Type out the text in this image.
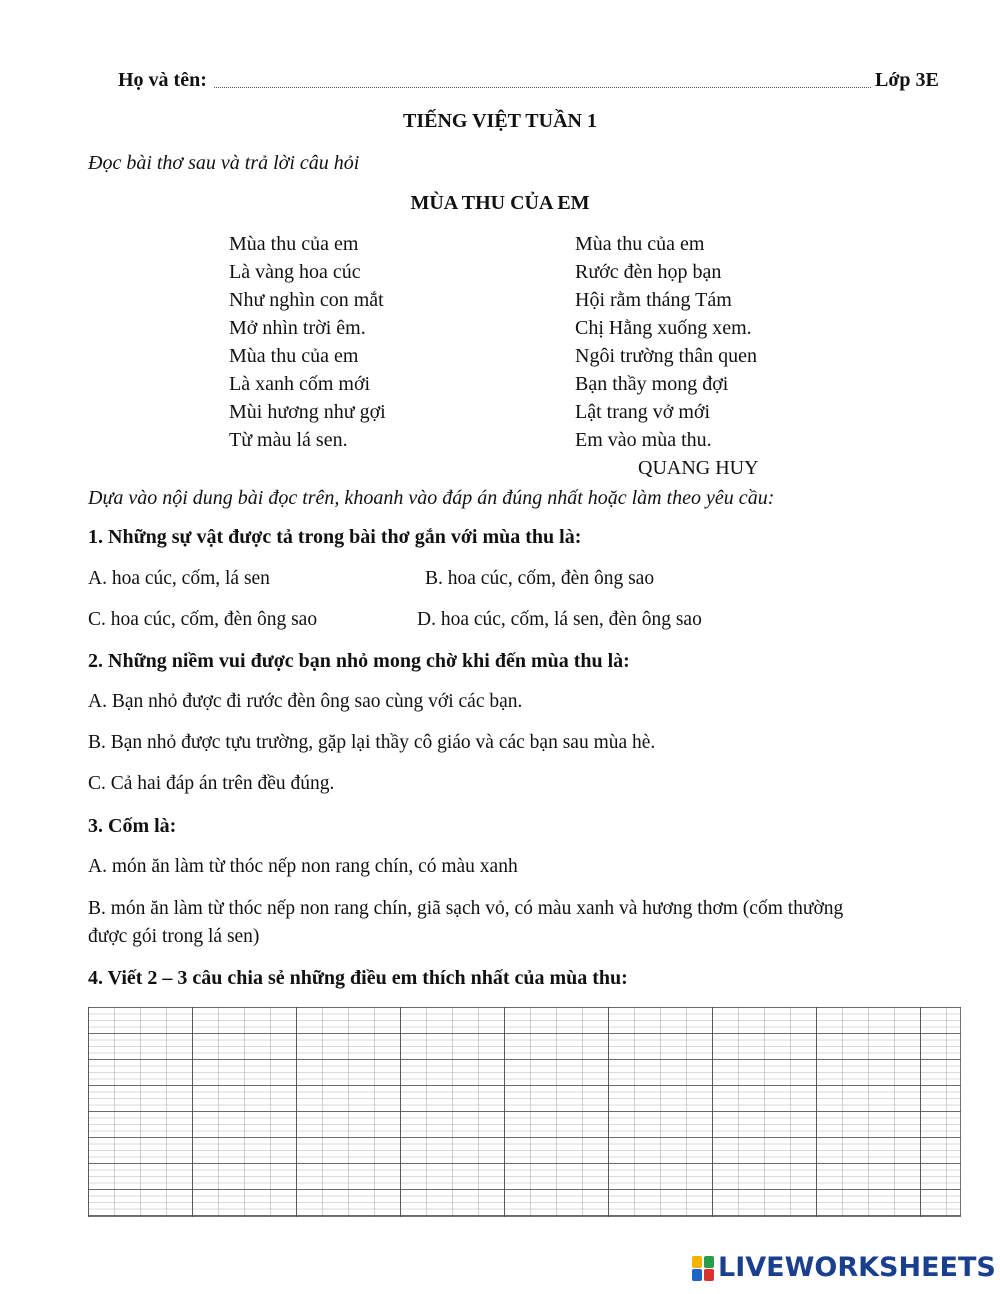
Họ và tên:	Lớp 3E
TIẾNG VIỆT TUẦN 1
Đọc bài thơ sau và trả lời câu hỏi
MÙA THU CỦA EM

Mùa thu của em

Là vàng hoa cúc

Như nghìn con mắt

Mở nhìn trời êm.

Mùa thu của em

Là xanh cốm mới

Mùi hương như gợi

Từ màu lá sen.

Mùa thu của em

Rước đèn họp bạn

Hội rằm tháng Tám

Chị Hằng xuống xem.

Ngôi trường thân quen

Bạn thầy mong đợi

Lật trang vở mới

Em vào mùa thu.

QUANG HUY
Dựa vào nội dung bài đọc trên, khoanh vào đáp án đúng nhất hoặc làm theo yêu cầu:
1. Những sự vật được tả trong bài thơ gắn với mùa thu là:
A. hoa cúc, cốm, lá sen	B. hoa cúc, cốm, đèn ông sao
C. hoa cúc, cốm, đèn ông sao	D. hoa cúc, cốm, lá sen, đèn ông sao
2. Những niềm vui được bạn nhỏ mong chờ khi đến mùa thu là:
A. Bạn nhỏ được đi rước đèn ông sao cùng với các bạn.
B. Bạn nhỏ được tựu trường, gặp lại thầy cô giáo và các bạn sau mùa hè.
C. Cả hai đáp án trên đều đúng.
3. Cốm là:
A. món ăn làm từ thóc nếp non rang chín, có màu xanh
B. món ăn làm từ thóc nếp non rang chín, giã sạch vỏ, có màu xanh và hương thơm (cốm thường
được gói trong lá sen)
4. Viết 2 – 3 câu chia sẻ những điều em thích nhất của mùa thu:
LIVEWORKSHEETS
